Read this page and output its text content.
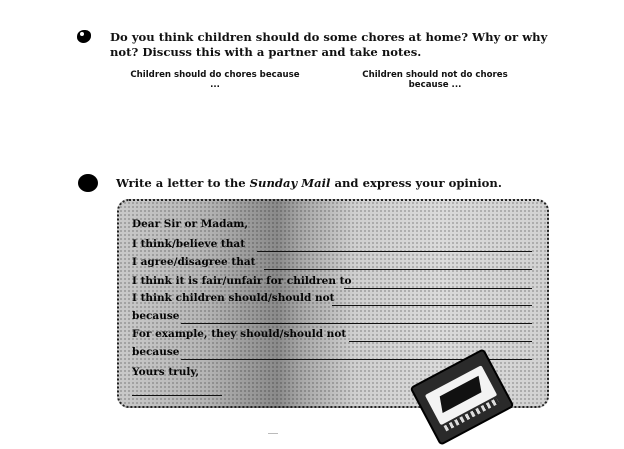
Do you think children should do some chores at home? Why or why not? Discuss this with a partner and take notes.
Children should do chores because ...
Children should not do chores because ...
Write a letter to the Sunday Mail and express your opinion.
Dear Sir or Madam,
I think/believe that
I agree/disagree that
I think it is fair/unfair for children to
I think children should/should not
because
For example, they should/should not
because
Yours truly,
